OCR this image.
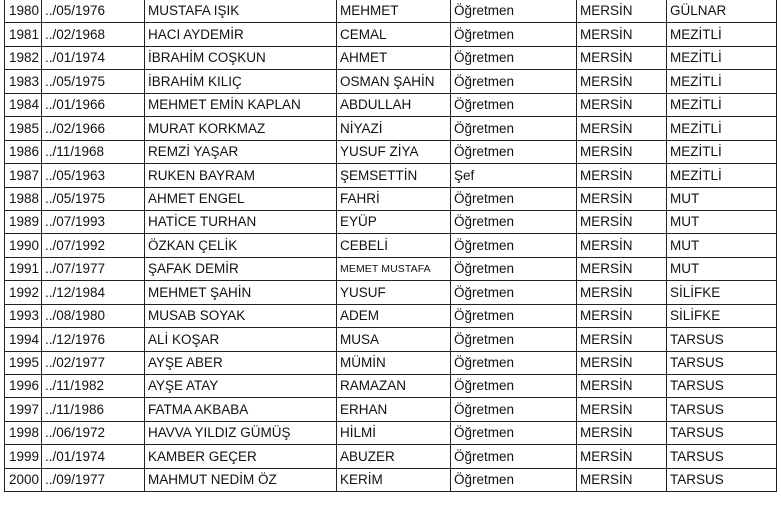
1980	../05/1976	MUSTAFA IŞIK	MEHMET	Öğretmen	MERSİN	GÜLNAR
1981	../02/1968	HACI AYDEMİR	CEMAL	Öğretmen	MERSİN	MEZİTLİ
1982	../01/1974	İBRAHİM COŞKUN	AHMET	Öğretmen	MERSİN	MEZİTLİ
1983	../05/1975	İBRAHİM KILIÇ	OSMAN ŞAHİN	Öğretmen	MERSİN	MEZİTLİ
1984	../01/1966	MEHMET EMİN KAPLAN	ABDULLAH	Öğretmen	MERSİN	MEZİTLİ
1985	../02/1966	MURAT KORKMAZ	NİYAZİ	Öğretmen	MERSİN	MEZİTLİ
1986	../11/1968	REMZİ YAŞAR	YUSUF ZİYA	Öğretmen	MERSİN	MEZİTLİ
1987	../05/1963	RUKEN BAYRAM	ŞEMSETTİN	Şef	MERSİN	MEZİTLİ
1988	../05/1975	AHMET ENGEL	FAHRİ	Öğretmen	MERSİN	MUT
1989	../07/1993	HATİCE TURHAN	EYÜP	Öğretmen	MERSİN	MUT
1990	../07/1992	ÖZKAN ÇELİK	CEBELİ	Öğretmen	MERSİN	MUT
1991	../07/1977	ŞAFAK DEMİR	MEMET MUSTAFA	Öğretmen	MERSİN	MUT
1992	../12/1984	MEHMET ŞAHİN	YUSUF	Öğretmen	MERSİN	SİLİFKE
1993	../08/1980	MUSAB SOYAK	ADEM	Öğretmen	MERSİN	SİLİFKE
1994	../12/1976	ALİ KOŞAR	MUSA	Öğretmen	MERSİN	TARSUS
1995	../02/1977	AYŞE ABER	MÜMİN	Öğretmen	MERSİN	TARSUS
1996	../11/1982	AYŞE ATAY	RAMAZAN	Öğretmen	MERSİN	TARSUS
1997	../11/1986	FATMA AKBABA	ERHAN	Öğretmen	MERSİN	TARSUS
1998	../06/1972	HAVVA YILDIZ GÜMÜŞ	HİLMİ	Öğretmen	MERSİN	TARSUS
1999	../01/1974	KAMBER GEÇER	ABUZER	Öğretmen	MERSİN	TARSUS
2000	../09/1977	MAHMUT NEDİM ÖZ	KERİM	Öğretmen	MERSİN	TARSUS
